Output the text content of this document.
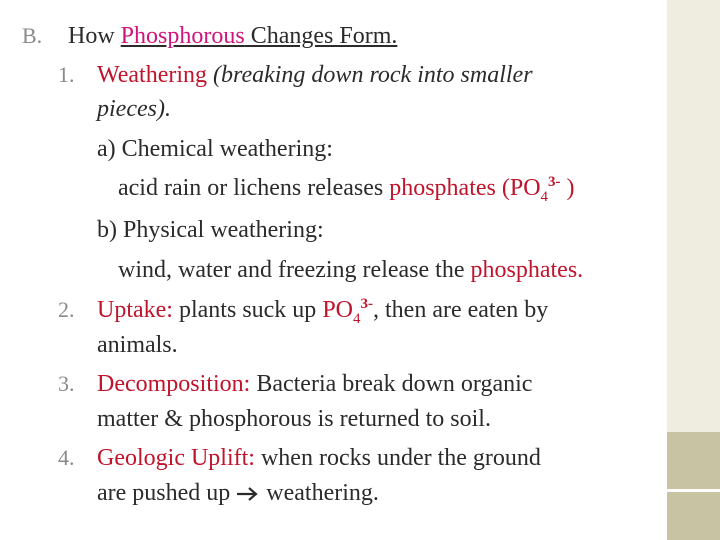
B. How Phosphorous Changes Form.
1. Weathering (breaking down rock into smaller
pieces).
a) Chemical weathering:
acid rain or lichens releases phosphates ($PO_4^{3-}$ )
b) Physical weathering:
wind, water and freezing release the phosphates.
2. Uptake: plants suck up $PO_4^{3-}$, then are eaten by
animals.
3. Decomposition: Bacteria break down organic
matter & phosphorous is returned to soil.
4. Geologic Uplift: when rocks under the ground
are pushed up  weathering.
